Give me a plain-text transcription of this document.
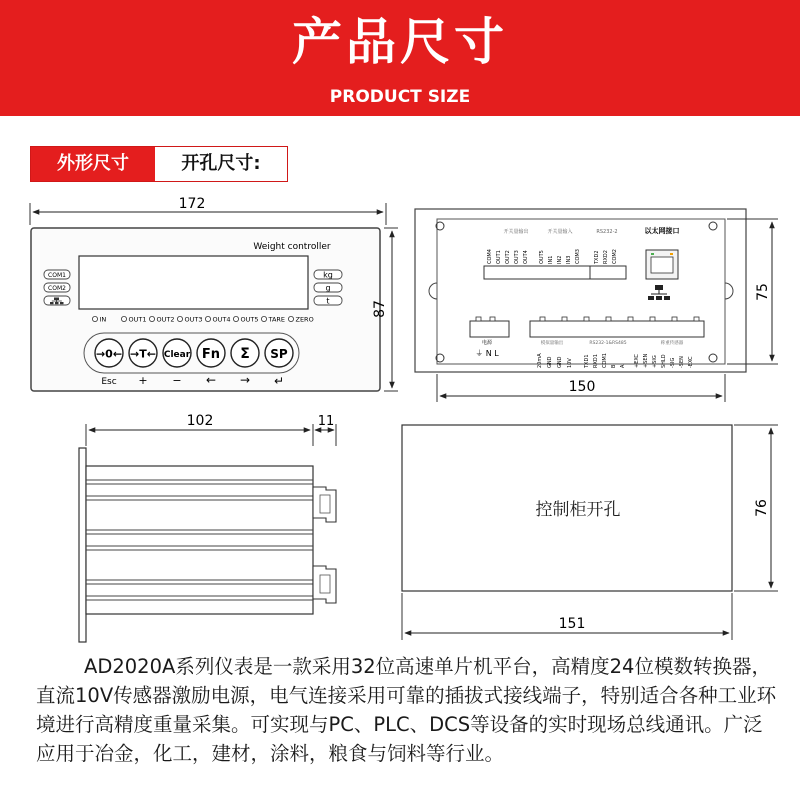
产品尺寸
PRODUCT SIZE
外形尺寸	开孔尺寸:
172
Weight controller
COM1
COM2
kg
g
t
IN	OUT1 OUT2 OUT3 OUT4 OUT5 TARE ZERO
→0← →T← Clear Fn Σ SP
Esc + − ← → ↵
87
开关量输出	开关量输入	RS232-2
COM4 OUT1 OUT2 OUT3 OUT4 OUT5 IN1 IN2 IN3 COM3	TXD2 RXD2 COM2
以太网接口
电源
⏚ N L
模拟量输出	RS232-1&RS485	称重传感器
20mA GND GND 10V TXD1 RXD1 COM1 B A +EXC +SEN +SIG SHLD -SIG -SEN -EXC
150
75
102	11
控制柜开孔	76
151

AD2020A系列仪表是一款采用32位高速单片机平台，高精度24位模数转换器，直流10V传感器激励电源，电气连接采用可靠的插拔式接线端子，特别适合各种工业环境进行高精度重量采集。可实现与PC、PLC、DCS等设备的实时现场总线通讯。广泛应用于冶金，化工，建材，涂料，粮食与饲料等行业。
